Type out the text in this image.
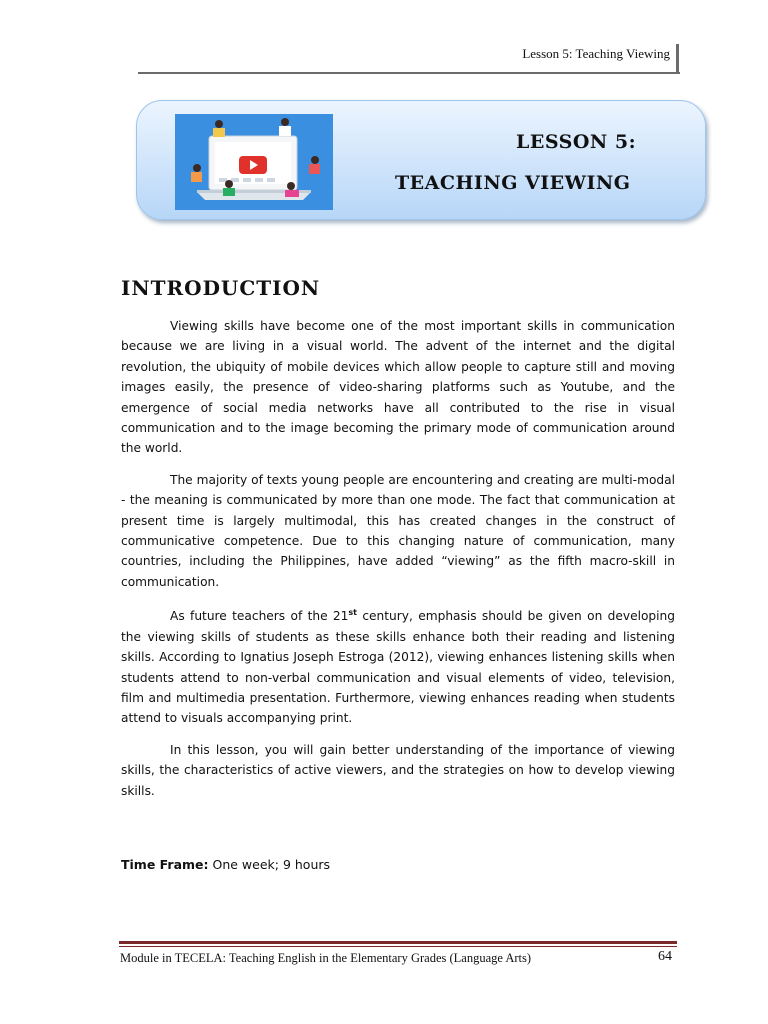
Lesson 5: Teaching Viewing
LESSON 5:
TEACHING VIEWING
INTRODUCTION

Viewing skills have become one of the most important skills in communication because we are living in a visual world. The advent of the internet and the digital revolution, the ubiquity of mobile devices which allow people to capture still and moving images easily, the presence of video-sharing platforms such as Youtube, and the emergence of social media networks have all contributed to the rise in visual communication and to the image becoming the primary mode of communication around the world.

The majority of texts young people are encountering and creating are multi-modal - the meaning is communicated by more than one mode. The fact that communication at present time is largely multimodal, this has created changes in the construct of communicative competence. Due to this changing nature of communication, many countries, including the Philippines, have added “viewing” as the fifth macro-skill in communication.

As future teachers of the 21st century, emphasis should be given on developing the viewing skills of students as these skills enhance both their reading and listening skills. According to Ignatius Joseph Estroga (2012), viewing enhances listening skills when students attend to non-verbal communication and visual elements of video, television, film and multimedia presentation. Furthermore, viewing enhances reading when students attend to visuals accompanying print.

In this lesson, you will gain better understanding of the importance of viewing skills, the characteristics of active viewers, and the strategies on how to develop viewing skills.

Time Frame: One week; 9 hours
Module in TECELA: Teaching English in the Elementary Grades (Language Arts)	64
